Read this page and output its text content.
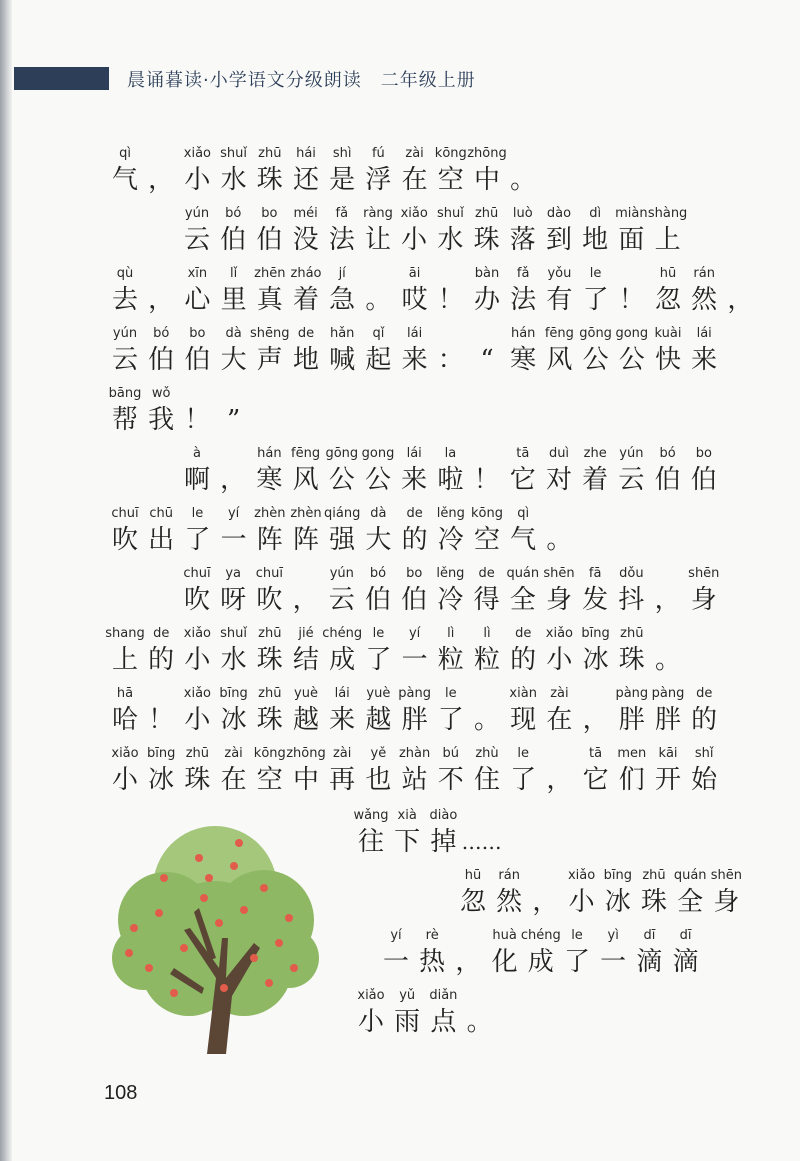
晨诵暮读·小学语文分级朗读　二年级上册
qì
气 ，
xiǎo
小
shuǐ
水
zhū
珠
hái
还
shì
是
fú
浮
zài
在
kōng
空
zhōng
中 。
yún
云
bó
伯
bo
伯
méi
没
fǎ
法
ràng
让
xiǎo
小
shuǐ
水
zhū
珠
luò
落
dào
到
dì
地
miàn
面
shàng
上
qù
去 ，
xīn
心
lǐ
里
zhēn
真
zháo
着
jí
急 。
āi
哎 ！
bàn
办
fǎ
法
yǒu
有
le
了 ！
hū
忽
rán
然 ，
yún
云
bó
伯
bo
伯
dà
大
shēng
声
de
地
hǎn
喊
qǐ
起
lái
来 ： “
hán
寒
fēng
风
gōng
公
gong
公
kuài
快
lái
来
bāng
帮
wǒ
我 ！ ”
à
啊 ，
hán
寒
fēng
风
gōng
公
gong
公
lái
来
la
啦 ！
tā
它
duì
对
zhe
着
yún
云
bó
伯
bo
伯
chuī
吹
chū
出
le
了
yí
一
zhèn
阵
zhèn
阵
qiáng
强
dà
大
de
的
lěng
冷
kōng
空
qì
气 。
chuī
吹
ya
呀
chuī
吹 ，
yún
云
bó
伯
bo
伯
lěng
冷
de
得
quán
全
shēn
身
fā
发
dǒu
抖 ，
shēn
身
shang
上
de
的
xiǎo
小
shuǐ
水
zhū
珠
jié
结
chéng
成
le
了
yí
一
lì
粒
lì
粒
de
的
xiǎo
小
bīng
冰
zhū
珠 。
hā
哈 ！
xiǎo
小
bīng
冰
zhū
珠
yuè
越
lái
来
yuè
越
pàng
胖
le
了 。
xiàn
现
zài
在 ，
pàng
胖
pàng
胖
de
的
xiǎo
小
bīng
冰
zhū
珠
zài
在
kōng
空
zhōng
中
zài
再
yě
也
zhàn
站
bú
不
zhù
住
le
了 ，
tā
它
men
们
kāi
开
shǐ
始
wǎng
往
xià
下
diào
掉 ……
hū
忽
rán
然 ，
xiǎo
小
bīng
冰
zhū
珠
quán
全
shēn
身
yí
一
rè
热 ，
huà
化
chéng
成
le
了
yì
一
dī
滴
dī
滴
xiǎo
小
yǔ
雨
diǎn
点 。
108
